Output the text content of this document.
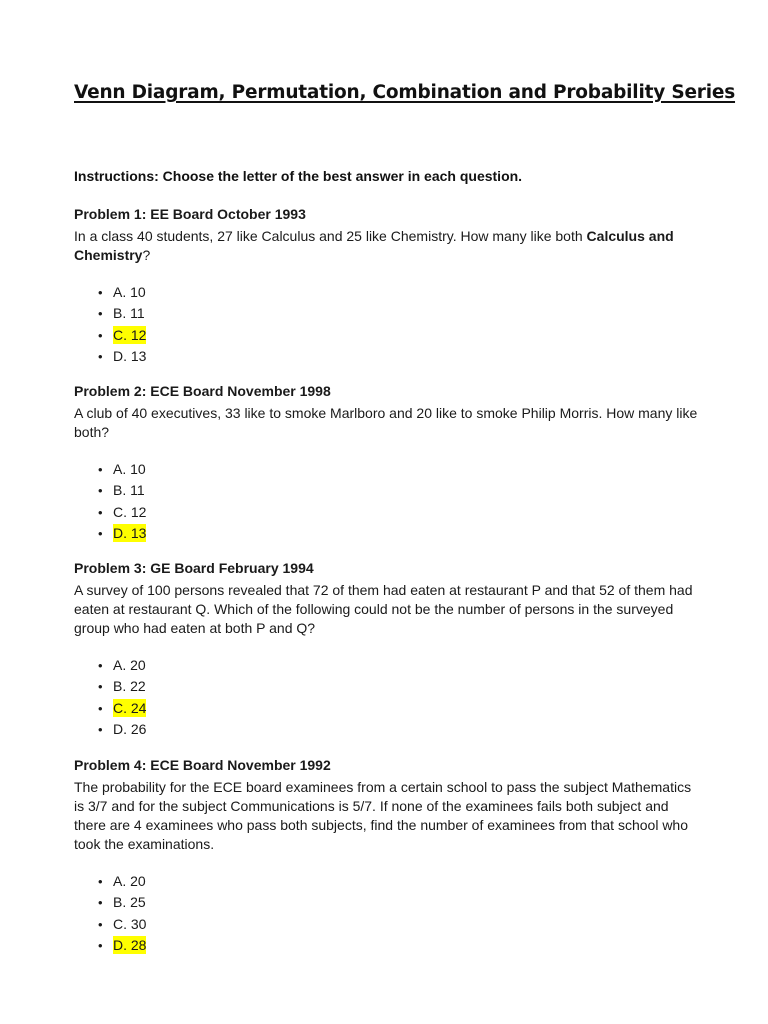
Venn Diagram, Permutation, Combination and Probability Series
Instructions: Choose the letter of the best answer in each question.
Problem 1: EE Board October 1993

In a class 40 students, 27 like Calculus and 25 like Chemistry. How many like both Calculus and Chemistry?

• A. 10
• B. 11
• C. 12
• D. 13
Problem 2: ECE Board November 1998

A club of 40 executives, 33 like to smoke Marlboro and 20 like to smoke Philip Morris. How many like both?

• A. 10
• B. 11
• C. 12
• D. 13
Problem 3: GE Board February 1994

A survey of 100 persons revealed that 72 of them had eaten at restaurant P and that 52 of them had eaten at restaurant Q. Which of the following could not be the number of persons in the surveyed group who had eaten at both P and Q?

• A. 20
• B. 22
• C. 24
• D. 26
Problem 4: ECE Board November 1992

The probability for the ECE board examinees from a certain school to pass the subject Mathematics is 3/7 and for the subject Communications is 5/7. If none of the examinees fails both subject and there are 4 examinees who pass both subjects, find the number of examinees from that school who took the examinations.

• A. 20
• B. 25
• C. 30
• D. 28
